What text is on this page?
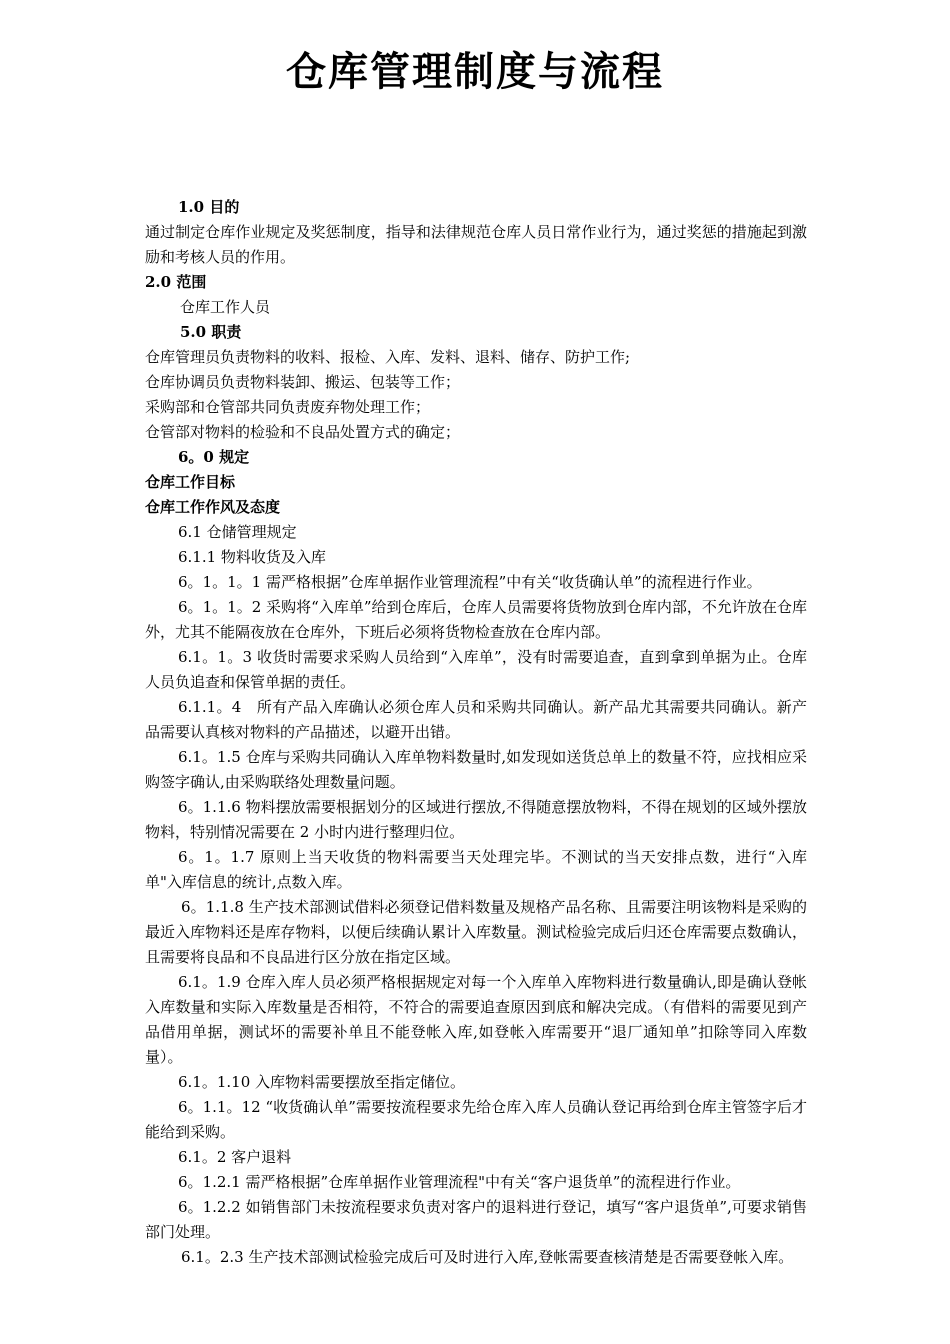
仓库管理制度与流程

1.0 目的

通过制定仓库作业规定及奖惩制度，指导和法律规范仓库人员日常作业行为，通过奖惩的措施起到激励和考核人员的作用。

2.0 范围

仓库工作人员

5.0 职责

仓库管理员负责物料的收料、报检、入库、发料、退料、储存、防护工作;

仓库协调员负责物料装卸、搬运、包装等工作；

采购部和仓管部共同负责废弃物处理工作；

仓管部对物料的检验和不良品处置方式的确定；

6。0 规定

仓库工作目标

仓库工作作风及态度

6.1 仓储管理规定

6.1.1 物料收货及入库

6。1。1。1 需严格根据”仓库单据作业管理流程”中有关“收货确认单”的流程进行作业。

6。1。1。2 采购将“入库单”给到仓库后，仓库人员需要将货物放到仓库内部，不允许放在仓库外，尤其不能隔夜放在仓库外，下班后必须将货物检查放在仓库内部。

6.1。1。3 收货时需要求采购人员给到“入库单”，没有时需要追查，直到拿到单据为止。仓库人员负追查和保管单据的责任。

6.1.1。4　所有产品入库确认必须仓库人员和采购共同确认。新产品尤其需要共同确认。新产品需要认真核对物料的产品描述，以避开出错。

6.1。1.5 仓库与采购共同确认入库单物料数量时,如发现如送货总单上的数量不符，应找相应采购签字确认,由采购联络处理数量问题。

6。1.1.6 物料摆放需要根据划分的区域进行摆放,不得随意摆放物料，不得在规划的区域外摆放物料，特别情况需要在 2 小时内进行整理归位。

6。1。1.7 原则上当天收货的物料需要当天处理完毕。不测试的当天安排点数，进行“入库单"入库信息的统计,点数入库。

6。1.1.8 生产技术部测试借料必须登记借料数量及规格产品名称、且需要注明该物料是采购的最近入库物料还是库存物料，以便后续确认累计入库数量。测试检验完成后归还仓库需要点数确认，且需要将良品和不良品进行区分放在指定区域。

6.1。1.9 仓库入库人员必须严格根据规定对每一个入库单入库物料进行数量确认,即是确认登帐入库数量和实际入库数量是否相符，不符合的需要追查原因到底和解决完成。（有借料的需要见到产品借用单据，测试坏的需要补单且不能登帐入库,如登帐入库需要开“退厂通知单”扣除等同入库数量）。

6.1。1.10 入库物料需要摆放至指定储位。

6。1.1。12 “收货确认单”需要按流程要求先给仓库入库人员确认登记再给到仓库主管签字后才能给到采购。

6.1。2 客户退料

6。1.2.1 需严格根据”仓库单据作业管理流程"中有关“客户退货单”的流程进行作业。

6。1.2.2 如销售部门未按流程要求负责对客户的退料进行登记，填写“客户退货单”,可要求销售部门处理。

6.1。2.3 生产技术部测试检验完成后可及时进行入库,登帐需要查核清楚是否需要登帐入库。
